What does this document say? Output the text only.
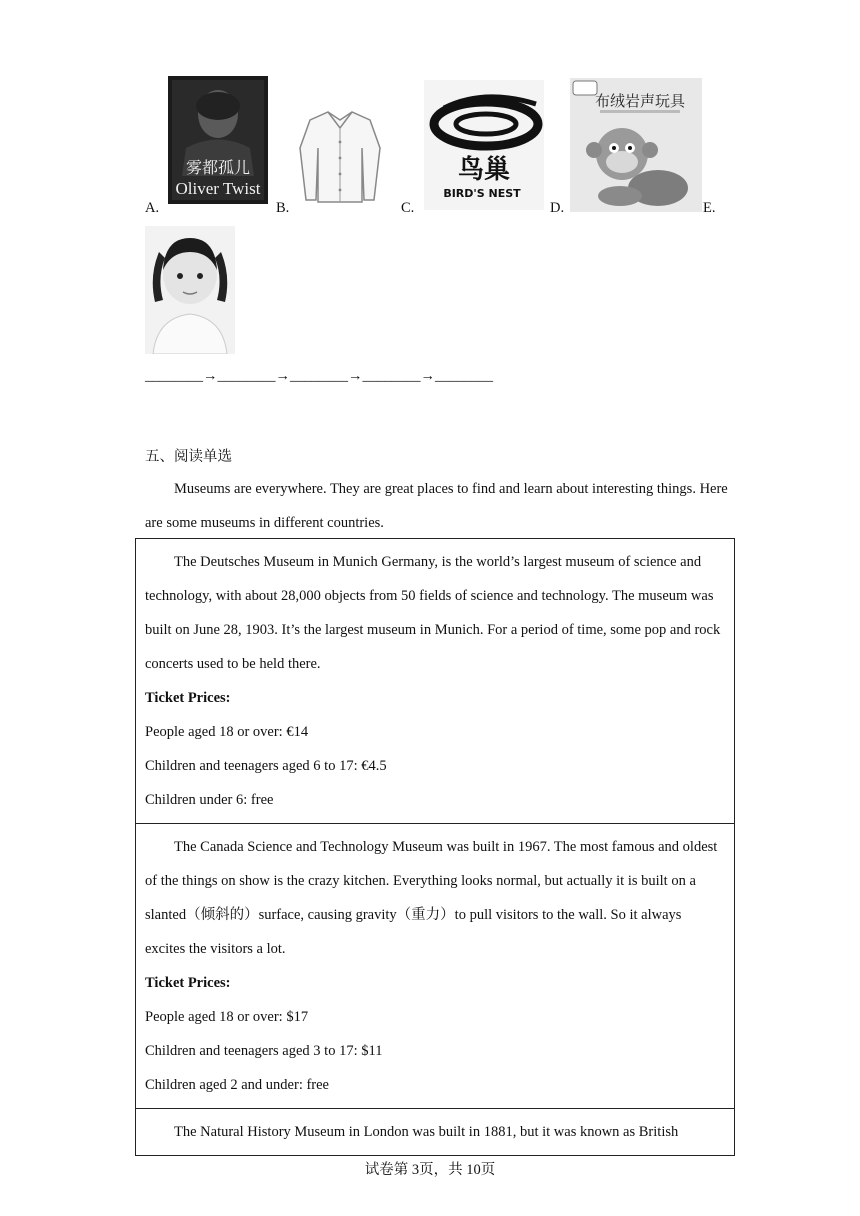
A.
雾都孤儿
Oliver Twist
B.	C.
鸟巢
BIRD'S NEST
D.
布绒岩声玩具
E.
________→________→________→________→________
五、阅读单选

Museums are everywhere. They are great places to find and learn about interesting things. Here are some museums in different countries.

The Deutsches Museum in Munich Germany, is the world’s largest museum of science and technology, with about 28,000 objects from 50 fields of science and technology. The museum was built on June 28, 1903. It’s the largest museum in Munich. For a period of time, some pop and rock concerts used to be held there.

Ticket Prices:

People aged 18 or over: €14

Children and teenagers aged 6 to 17: €4.5

Children under 6: free

The Canada Science and Technology Museum was built in 1967. The most famous and oldest of the things on show is the crazy kitchen. Everything looks normal, but actually it is built on a slanted（倾斜的）surface, causing gravity（重力）to pull visitors to the wall. So it always excites the visitors a lot.

Ticket Prices:

People aged 18 or over: $17

Children and teenagers aged 3 to 17: $11

Children aged 2 and under: free

The Natural History Museum in London was built in 1881, but it was known as British

试卷第 3页，共 10页
